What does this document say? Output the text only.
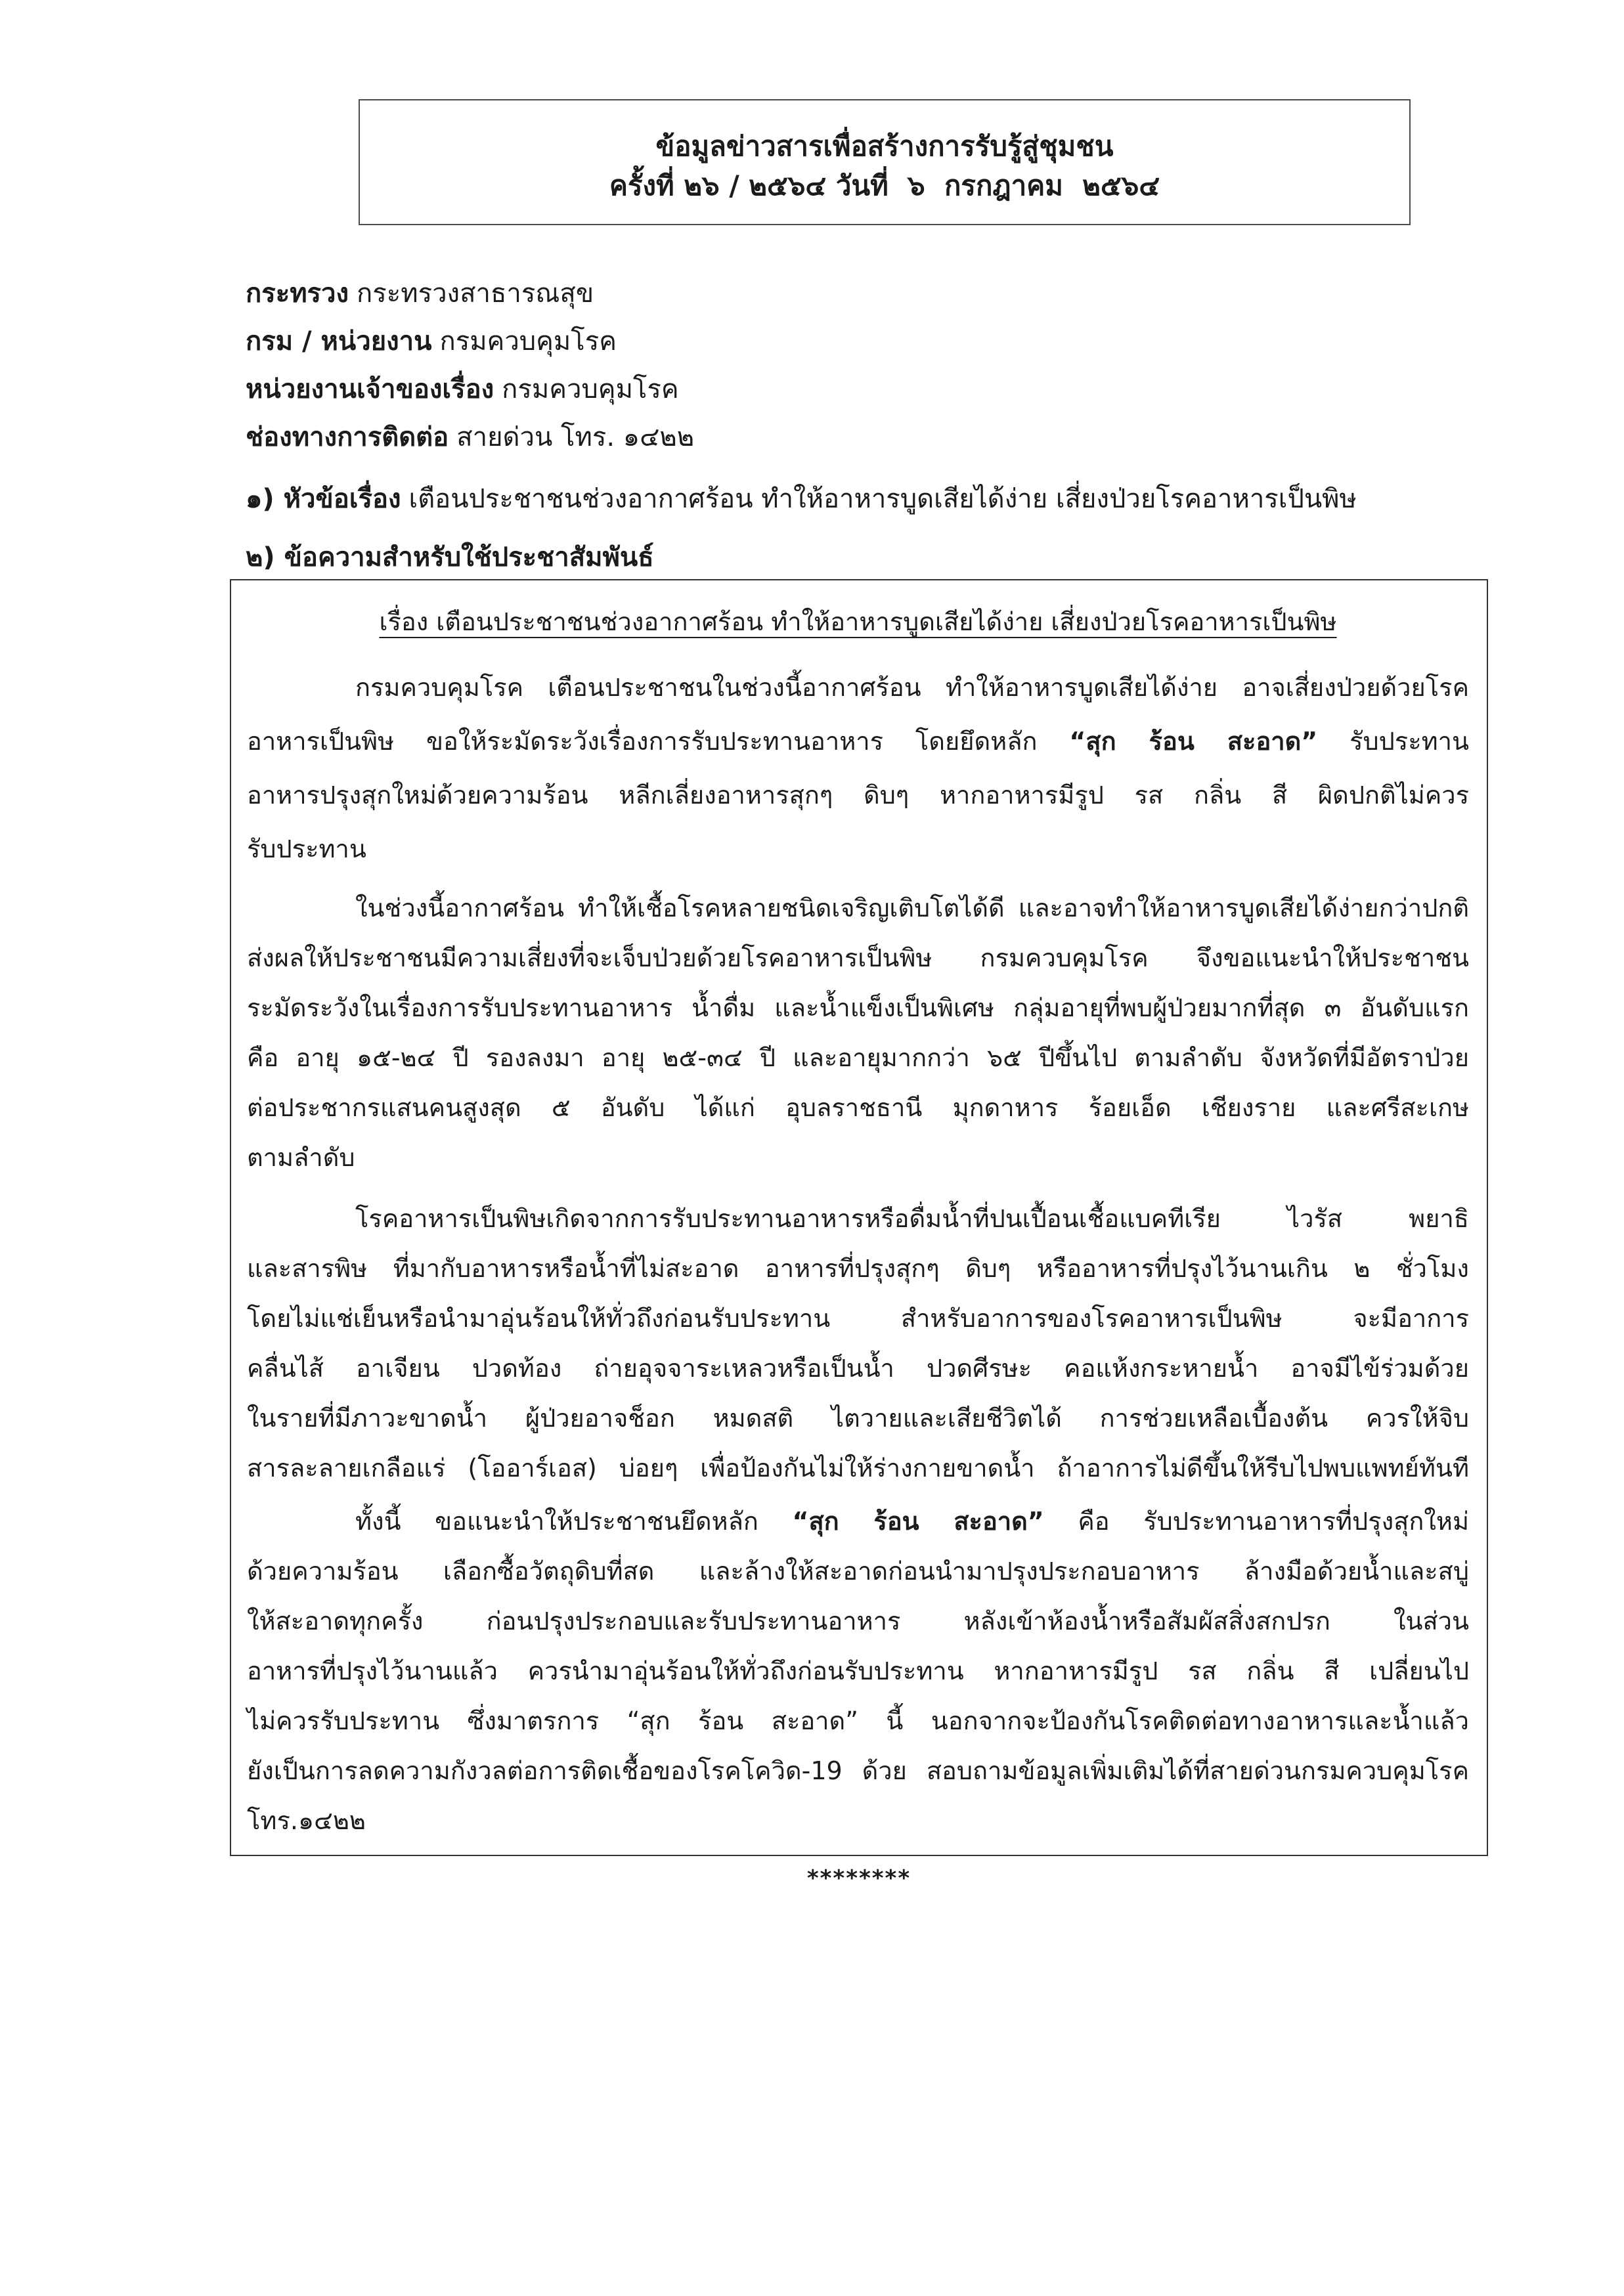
ข้อมูลข่าวสารเพื่อสร้างการรับรู้สู่ชุมชน
ครั้งที่ ๒๖ / ๒๕๖๔ วันที่  ๖  กรกฎาคม  ๒๕๖๔
กระทรวง กระทรวงสาธารณสุข
กรม / หน่วยงาน กรมควบคุมโรค
หน่วยงานเจ้าของเรื่อง กรมควบคุมโรค
ช่องทางการติดต่อ สายด่วน โทร. ๑๔๒๒
๑) หัวข้อเรื่อง เตือนประชาชนช่วงอากาศร้อน ทำให้อาหารบูดเสียได้ง่าย เสี่ยงป่วยโรคอาหารเป็นพิษ
๒) ข้อความสำหรับใช้ประชาสัมพันธ์
เรื่อง เตือนประชาชนช่วงอากาศร้อน ทำให้อาหารบูดเสียได้ง่าย เสี่ยงป่วยโรคอาหารเป็นพิษ
กรมควบคุมโรค เตือนประชาชนในช่วงนี้อากาศร้อน ทำให้อาหารบูดเสียได้ง่าย อาจเสี่ยงป่วยด้วยโรค
อาหารเป็นพิษ ขอให้ระมัดระวังเรื่องการรับประทานอาหาร โดยยึดหลัก “สุก ร้อน สะอาด” รับประทาน
อาหารปรุงสุกใหม่ด้วยความร้อน หลีกเลี่ยงอาหารสุกๆ ดิบๆ หากอาหารมีรูป รส กลิ่น สี ผิดปกติไม่ควร
รับประทาน
ในช่วงนี้อากาศร้อน ทำให้เชื้อโรคหลายชนิดเจริญเติบโตได้ดี และอาจทำให้อาหารบูดเสียได้ง่ายกว่าปกติ
ส่งผลให้ประชาชนมีความเสี่ยงที่จะเจ็บป่วยด้วยโรคอาหารเป็นพิษ กรมควบคุมโรค จึงขอแนะนำให้ประชาชน
ระมัดระวังในเรื่องการรับประทานอาหาร น้ำดื่ม และน้ำแข็งเป็นพิเศษ กลุ่มอายุที่พบผู้ป่วยมากที่สุด ๓ อันดับแรก
คือ อายุ ๑๕-๒๔ ปี รองลงมา อายุ ๒๕-๓๔ ปี และอายุมากกว่า ๖๕ ปีขึ้นไป ตามลำดับ จังหวัดที่มีอัตราป่วย
ต่อประชากรแสนคนสูงสุด ๕ อันดับ ได้แก่ อุบลราชธานี มุกดาหาร ร้อยเอ็ด เชียงราย และศรีสะเกษ
ตามลำดับ
โรคอาหารเป็นพิษเกิดจากการรับประทานอาหารหรือดื่มน้ำที่ปนเปื้อนเชื้อแบคทีเรีย ไวรัส พยาธิ
และสารพิษ ที่มากับอาหารหรือน้ำที่ไม่สะอาด อาหารที่ปรุงสุกๆ ดิบๆ หรืออาหารที่ปรุงไว้นานเกิน ๒ ชั่วโมง
โดยไม่แช่เย็นหรือนำมาอุ่นร้อนให้ทั่วถึงก่อนรับประทาน สำหรับอาการของโรคอาหารเป็นพิษ จะมีอาการ
คลื่นไส้ อาเจียน ปวดท้อง ถ่ายอุจจาระเหลวหรือเป็นน้ำ ปวดศีรษะ คอแห้งกระหายน้ำ อาจมีไข้ร่วมด้วย
ในรายที่มีภาวะขาดน้ำ ผู้ป่วยอาจช็อก หมดสติ ไตวายและเสียชีวิตได้ การช่วยเหลือเบื้องต้น ควรให้จิบ
สารละลายเกลือแร่ (โออาร์เอส) บ่อยๆ เพื่อป้องกันไม่ให้ร่างกายขาดน้ำ ถ้าอาการไม่ดีขึ้นให้รีบไปพบแพทย์ทันที
ทั้งนี้ ขอแนะนำให้ประชาชนยึดหลัก “สุก ร้อน สะอาด” คือ รับประทานอาหารที่ปรุงสุกใหม่
ด้วยความร้อน เลือกซื้อวัตถุดิบที่สด และล้างให้สะอาดก่อนนำมาปรุงประกอบอาหาร ล้างมือด้วยน้ำและสบู่
ให้สะอาดทุกครั้ง ก่อนปรุงประกอบและรับประทานอาหาร หลังเข้าห้องน้ำหรือสัมผัสสิ่งสกปรก ในส่วน
อาหารที่ปรุงไว้นานแล้ว ควรนำมาอุ่นร้อนให้ทั่วถึงก่อนรับประทาน หากอาหารมีรูป รส กลิ่น สี เปลี่ยนไป
ไม่ควรรับประทาน ซึ่งมาตรการ “สุก ร้อน สะอาด” นี้ นอกจากจะป้องกันโรคติดต่อทางอาหารและน้ำแล้ว
ยังเป็นการลดความกังวลต่อการติดเชื้อของโรคโควิด-19 ด้วย สอบถามข้อมูลเพิ่มเติมได้ที่สายด่วนกรมควบคุมโรค
โทร.๑๔๒๒
********
